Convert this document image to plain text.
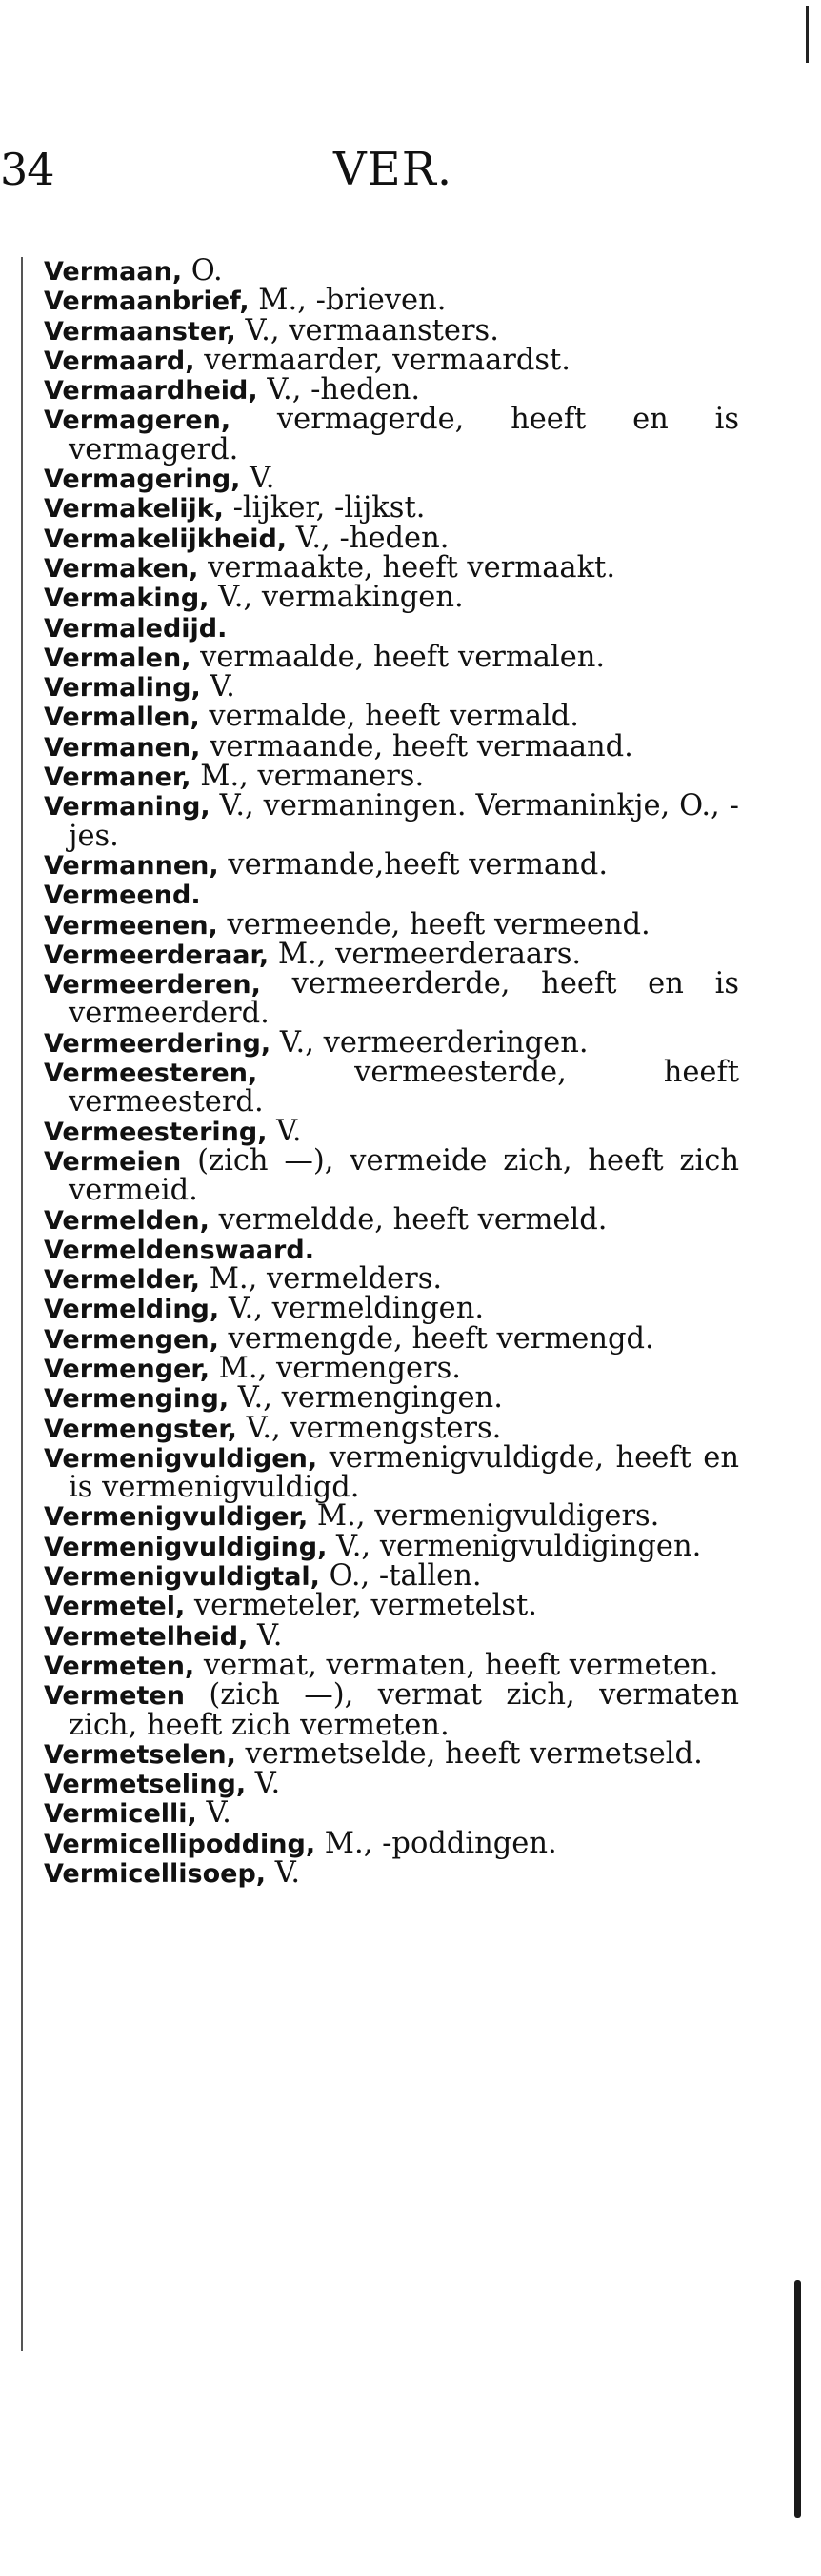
34	VER.
Vermaan, O.
Vermaanbrief, M., -brieven.
Vermaanster, V., vermaansters.
Vermaard, vermaarder, vermaardst.
Vermaardheid, V., -heden.
Vermageren, vermagerde, heeft en is vermagerd.
Vermagering, V.
Vermakelijk, -lijker, -lijkst.
Vermakelijkheid, V., -heden.
Vermaken, vermaakte, heeft vermaakt.
Vermaking, V., vermakingen.
Vermaledijd.
Vermalen, vermaalde, heeft vermalen.
Vermaling, V.
Vermallen, vermalde, heeft vermald.
Vermanen, vermaande, heeft vermaand.
Vermaner, M., vermaners.
Vermaning, V., vermaningen. Vermaninkje, O., -jes.
Vermannen, vermande,heeft vermand.
Vermeend.
Vermeenen, vermeende, heeft vermeend.
Vermeerderaar, M., vermeerderaars.
Vermeerderen, vermeerderde, heeft en is vermeerderd.
Vermeerdering, V., vermeerderingen.
Vermeesteren, vermeesterde, heeft vermeesterd.
Vermeestering, V.
Vermeien (zich —), vermeide zich, heeft zich vermeid.
Vermelden, vermeldde, heeft vermeld.
Vermeldenswaard.
Vermelder, M., vermelders.
Vermelding, V., vermeldingen.
Vermengen, vermengde, heeft vermengd.
Vermenger, M., vermengers.
Vermenging, V., vermengingen.
Vermengster, V., vermengsters.
Vermenigvuldigen, vermenigvuldigde, heeft en is vermenigvuldigd.
Vermenigvuldiger, M., vermenigvuldigers.
Vermenigvuldiging, V., vermenigvuldigingen.
Vermenigvuldigtal, O., -tallen.
Vermetel, vermeteler, vermetelst.
Vermetelheid, V.
Vermeten, vermat, vermaten, heeft vermeten.
Vermeten (zich —), vermat zich, vermaten zich, heeft zich vermeten.
Vermetselen, vermetselde, heeft vermetseld.
Vermetseling, V.
Vermicelli, V.
Vermicellipodding, M., -poddingen.
Vermicellisoep, V.
